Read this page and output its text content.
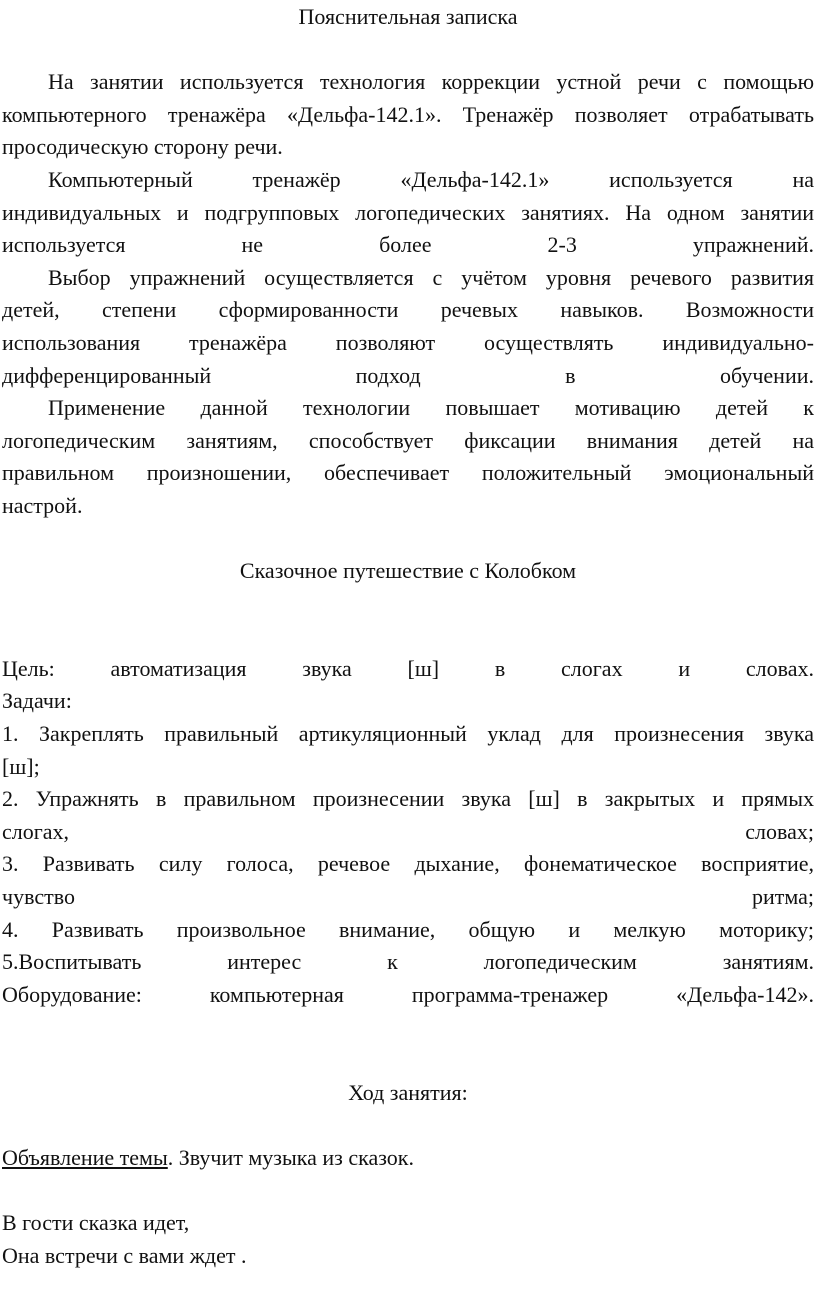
Пояснительная записка

На занятии используется технология коррекции устной речи с помощью

компьютерного тренажёра «Дельфа-142.1». Тренажёр позволяет отрабатывать

просодическую сторону речи.

Компьютерный тренажёр «Дельфа-142.1» используется на

индивидуальных и подгрупповых логопедических занятиях. На одном занятии

используется не более 2-3 упражнений.

Выбор упражнений осуществляется с учётом уровня речевого развития

детей, степени сформированности речевых навыков. Возможности

использования тренажёра позволяют осуществлять индивидуально-

дифференцированный подход в обучении.

Применение данной технологии повышает мотивацию детей к

логопедическим занятиям, способствует фиксации внимания детей на

правильном произношении, обеспечивает положительный эмоциональный

настрой.

Сказочное путешествие с Колобком

Цель: автоматизация звука [ш] в слогах и словах.

Задачи:

1. Закреплять правильный артикуляционный уклад для произнесения звука

[ш];

2. Упражнять в правильном произнесении звука [ш] в закрытых и прямых

слогах, словах;

3. Развивать силу голоса, речевое дыхание, фонематическое восприятие,

чувство ритма;

4. Развивать произвольное внимание, общую и мелкую моторику;

5.Воспитывать интерес к логопедическим занятиям.

Оборудование: компьютерная программа-тренажер «Дельфа-142».

Ход занятия:

Объявление темы. Звучит музыка из сказок.

В гости сказка идет,

Она встречи с вами ждет .
